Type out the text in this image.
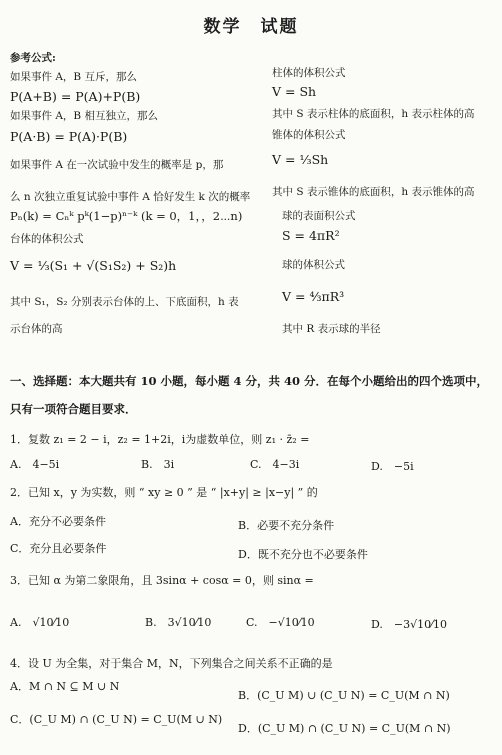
数学　试题
参考公式:
如果事件 A，B 互斥，那么
P(A+B) = P(A)+P(B)
如果事件 A，B 相互独立，那么
P(A·B) = P(A)·P(B)
如果事件 A 在一次试验中发生的概率是 p，那
么 n 次独立重复试验中事件 A 恰好发生 k 次的概率
Pₙ(k) = Cₙᵏ pᵏ(1−p)ⁿ⁻ᵏ (k = 0，1，，2⋯n)
台体的体积公式
V = ⅓(S₁ + √(S₁S₂) + S₂)h
其中 S₁，S₂ 分别表示台体的上、下底面积，h 表
示台体的高
柱体的体积公式
V = Sh
其中 S 表示柱体的底面积，h 表示柱体的高
锥体的体积公式
V = ⅓Sh
其中 S 表示锥体的底面积，h 表示锥体的高
球的表面积公式
S = 4πR²
球的体积公式
V = ⁴⁄₃πR³
其中 R 表示球的半径
一、选择题：本大题共有 10 小题，每小题 4 分，共 40 分．在每个小题给出的四个选项中，
只有一项符合题目要求．
1．复数 z₁ = 2 − i，z₂ = 1+2i，i为虚数单位，则 z₁ · z̄₂ =
A.　4−5i	B.　3i	C.　4−3i	D.　−5i
2．已知 x，y 为实数，则 “ xy ≥ 0 ” 是 “ |x+y| ≥ |x−y| ” 的
A．充分不必要条件	B．必要不充分条件
C．充分且必要条件	D．既不充分也不必要条件
3．已知 α 为第二象限角，且 3sinα + cosα = 0，则 sinα =
A.　√10⁄10	B.　3√10⁄10	C.　−√10⁄10	D.　−3√10⁄10
4．设 U 为全集，对于集合 M，N，下列集合之间关系不正确的是
A．M ∩ N ⊆ M ∪ N
B．(C_U M) ∪ (C_U N) = C_U(M ∩ N)
C．(C_U M) ∩ (C_U N) = C_U(M ∪ N)
D．(C_U M) ∩ (C_U N) = C_U(M ∩ N)
